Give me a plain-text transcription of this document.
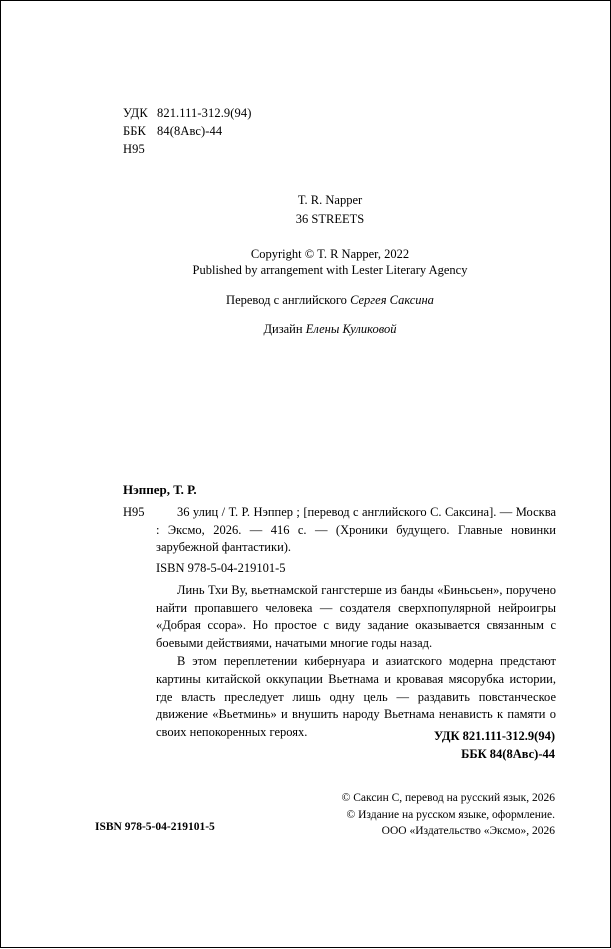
УДК 821.111-312.9(94)
ББК 84(8Авс)-44
Н95
T. R. Napper
36 STREETS
Copyright © T. R Napper, 2022
Published by arrangement with Lester Literary Agency
Перевод с английского Сергея Саксина
Дизайн Елены Куликовой
Нэппер, Т. Р.
Н95	36 улиц / Т. Р. Нэппер ; [перевод с английского С. Саксина]. — Москва : Эксмо, 2026. — 416 с. — (Хроники будущего. Главные новинки зарубежной фантастики).
ISBN 978-5-04-219101-5

Линь Тхи Ву, вьетнамской гангстерше из банды «Биньсьен», поручено найти пропавшего человека — создателя сверхпопулярной нейроигры «Добрая ссора». Но простое с виду задание оказывается связанным с боевыми действиями, начатыми многие годы назад.

В этом переплетении кибернуара и азиатского модерна предстают картины китайской оккупации Вьетнама и кровавая мясорубка истории, где власть преследует лишь одну цель — раздавить повстанческое движение «Вьетминь» и внушить народу Вьетнама ненависть к памяти о своих непокоренных героях.	УДК 821.111-312.9(94)
ББК 84(8Авс)-44
© Саксин С, перевод на русский язык, 2026
© Издание на русском языке, оформление.
ООО «Издательство «Эксмо», 2026
ISBN 978-5-04-219101-5
